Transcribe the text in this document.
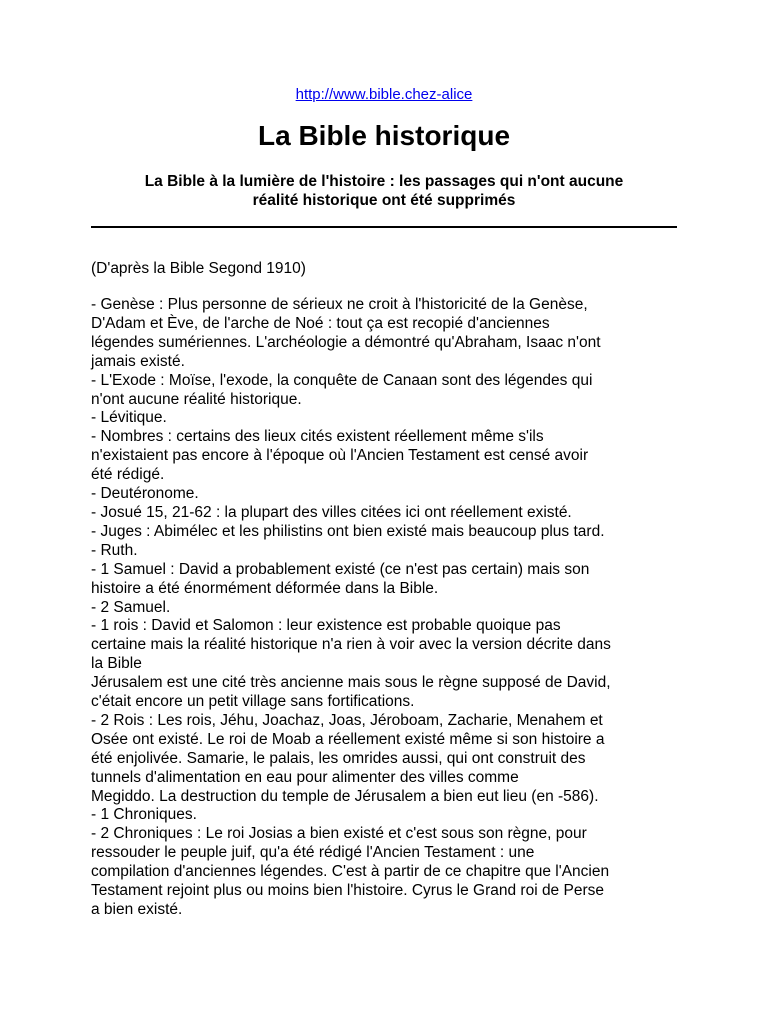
http://www.bible.chez-alice
La Bible historique

La Bible à la lumière de l'histoire : les passages qui n'ont aucune
réalité historique ont été supprimés

(D'après la Bible Segond 1910)

- Genèse : Plus personne de sérieux ne croit à l'historicité de la Genèse,
D'Adam et Ève, de l'arche de Noé : tout ça est recopié d'anciennes
légendes sumériennes. L'archéologie a démontré qu'Abraham, Isaac n'ont
jamais existé.
- L'Exode : Moïse, l'exode, la conquête de Canaan sont des légendes qui
n'ont aucune réalité historique.
- Lévitique.
- Nombres : certains des lieux cités existent réellement même s'ils
n'existaient pas encore à l'époque où l'Ancien Testament est censé avoir
été rédigé.
- Deutéronome.
- Josué 15, 21-62 : la plupart des villes citées ici ont réellement existé.
- Juges : Abimélec et les philistins ont bien existé mais beaucoup plus tard.
- Ruth.
- 1 Samuel : David a probablement existé (ce n'est pas certain) mais son
histoire a été énormément déformée dans la Bible.
- 2 Samuel.
- 1 rois : David et Salomon : leur existence est probable quoique pas
certaine mais la réalité historique n'a rien à voir avec la version décrite dans
la Bible
Jérusalem est une cité très ancienne mais sous le règne supposé de David,
c'était encore un petit village sans fortifications.
- 2 Rois : Les rois, Jéhu, Joachaz, Joas, Jéroboam, Zacharie, Menahem et
Osée ont existé. Le roi de Moab a réellement existé même si son histoire a
été enjolivée. Samarie, le palais, les omrides aussi, qui ont construit des
tunnels d'alimentation en eau pour alimenter des villes comme
Megiddo. La destruction du temple de Jérusalem a bien eut lieu (en -586).
- 1 Chroniques.
- 2 Chroniques : Le roi Josias a bien existé et c'est sous son règne, pour
ressouder le peuple juif, qu'a été rédigé l'Ancien Testament : une
compilation d'anciennes légendes. C'est à partir de ce chapitre que l'Ancien
Testament rejoint plus ou moins bien l'histoire. Cyrus le Grand roi de Perse
a bien existé.
